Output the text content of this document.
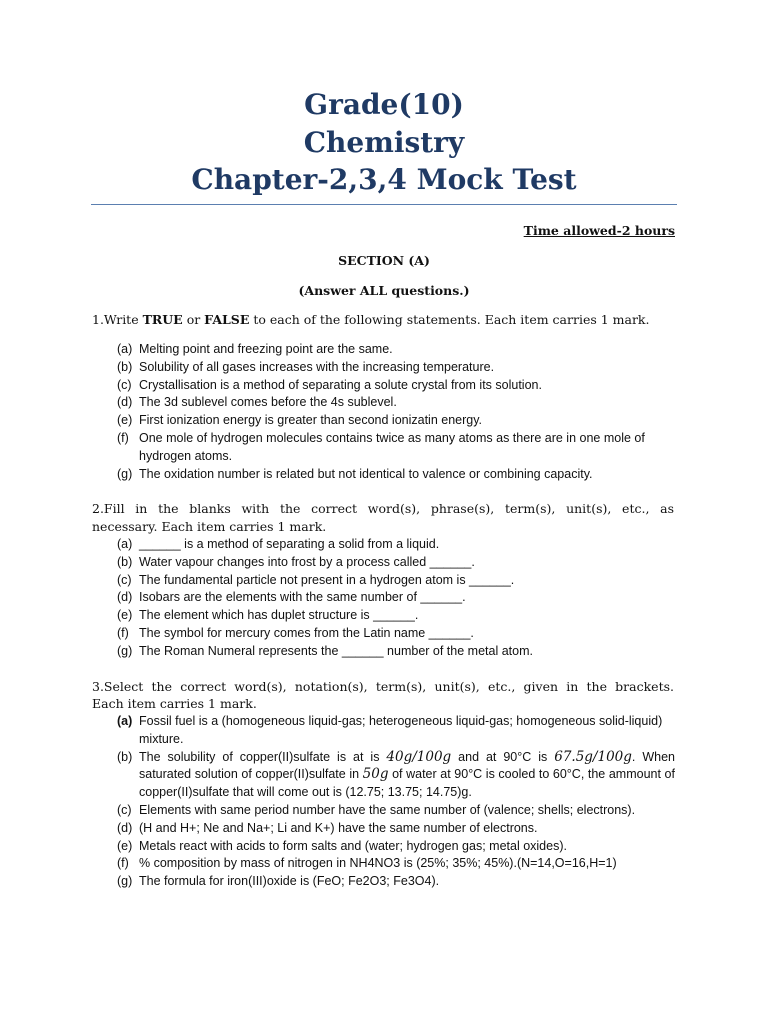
Grade(10)
Chemistry
Chapter-2,3,4 Mock Test
Time allowed-2 hours
SECTION (A)
(Answer ALL questions.)
1.Write TRUE or FALSE to each of the following statements. Each item carries 1 mark.
(a) Melting point and freezing point are the same.
(b) Solubility of all gases increases with the increasing temperature.
(c) Crystallisation is a method of separating a solute crystal from its solution.
(d) The 3d sublevel comes before the 4s sublevel.
(e) First ionization energy is greater than second ionizatin energy.
(f) One mole of hydrogen molecules contains twice as many atoms as there are in one mole of hydrogen atoms.
(g) The oxidation number is related but not identical to valence or combining capacity.
2.Fill in the blanks with the correct word(s), phrase(s), term(s), unit(s), etc., as
necessary. Each item carries 1 mark.
(a) ______ is a method of separating a solid from a liquid.
(b) Water vapour changes into frost by a process called ______.
(c) The fundamental particle not present in a hydrogen atom is ______.
(d) Isobars are the elements with the same number of ______.
(e) The element which has duplet structure is ______.
(f) The symbol for mercury comes from the Latin name ______.
(g) The Roman Numeral represents the ______ number of the metal atom.
3.Select the correct word(s), notation(s), term(s), unit(s), etc., given in the brackets.
Each item carries 1 mark.
(a) Fossil fuel is a (homogeneous liquid-gas; heterogeneous liquid-gas; homogeneous solid-liquid) mixture.
(b) The solubility of copper(II)sulfate is at is 40g/100g and at 90°C is 67.5g/100g. When saturated solution of copper(II)sulfate in 50g of water at 90°C is cooled to 60°C, the ammount of copper(II)sulfate that will come out is (12.75; 13.75; 14.75)g.
(c) Elements with same period number have the same number of (valence; shells; electrons).
(d) (H and H+; Ne and Na+; Li and K+) have the same number of electrons.
(e) Metals react with acids to form salts and (water; hydrogen gas; metal oxides).
(f) % composition by mass of nitrogen in NH4NO3 is (25%; 35%; 45%).(N=14,O=16,H=1)
(g) The formula for iron(III)oxide is (FeO; Fe2O3; Fe3O4).
